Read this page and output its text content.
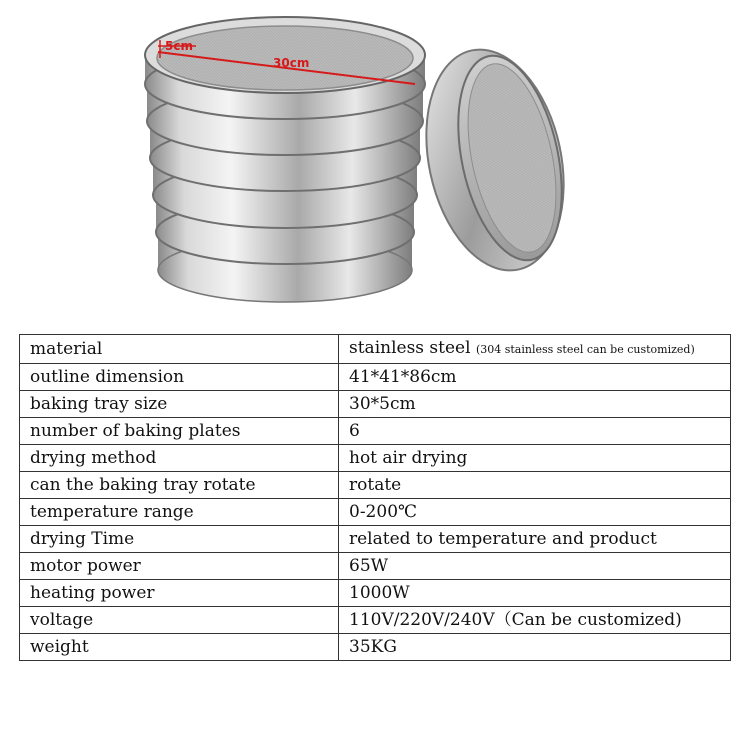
5cm
30cm
material	stainless steel (304 stainless steel can be customized)
outline dimension	41*41*86cm
baking tray size	30*5cm
number of baking plates	6
drying method	hot air drying
can the baking tray rotate	rotate
temperature range	0-200℃
drying Time	related to temperature and product
motor power	65W
heating power	1000W
voltage	110V/220V/240V（Can be customized)
weight	35KG
